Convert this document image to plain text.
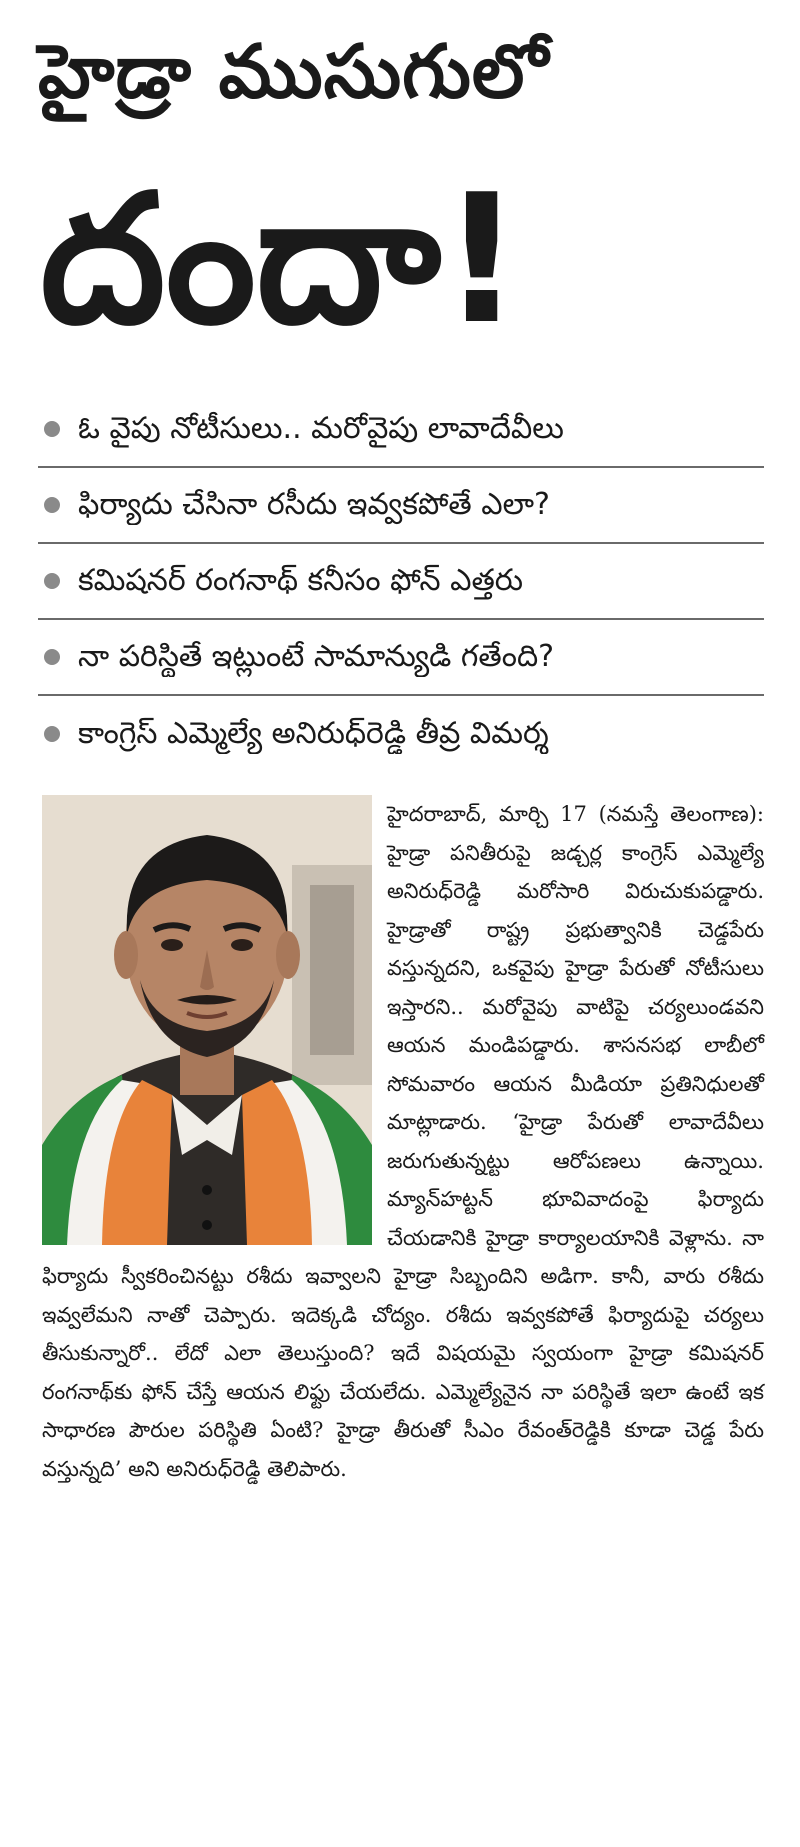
హైడ్రా ముసుగులో
దందా!
ఓ వైపు నోటీసులు.. మరోవైపు లావాదేవీలు
ఫిర్యాదు చేసినా రసీదు ఇవ్వకపోతే ఎలా?
కమిషనర్ రంగనాథ్ కనీసం ఫోన్ ఎత్తరు
నా పరిస్థితే ఇట్లుంటే సామాన్యుడి గతేంది?
కాంగ్రెస్ ఎమ్మెల్యే అనిరుధ్‌రెడ్డి తీవ్ర విమర్శ
హైదరాబాద్, మార్చి 17 (నమస్తే తెలంగాణ): హైడ్రా పనితీరుపై జడ్చర్ల కాంగ్రెస్ ఎమ్మెల్యే అనిరుధ్‌రెడ్డి మరోసారి విరుచుకుపడ్డారు. హైడ్రాతో రాష్ట్ర ప్రభుత్వానికి చెడ్డపేరు వస్తున్నదని, ఒకవైపు హైడ్రా పేరుతో నోటీసులు ఇస్తారని.. మరోవైపు వాటిపై చర్యలుండవని ఆయన మండిపడ్డారు. శాసనసభ లాబీలో సోమవారం ఆయన మీడియా ప్రతినిధులతో మాట్లాడారు. ‘హైడ్రా పేరుతో లావాదేవీలు జరుగుతున్నట్టు ఆరోపణలు ఉన్నాయి. మ్యాన్‌హట్టన్ భూవివాదంపై ఫిర్యాదు చేయడానికి హైడ్రా కార్యాలయానికి వెళ్లాను. నా ఫిర్యాదు స్వీకరించినట్టు రశీదు ఇవ్వాలని హైడ్రా సిబ్బందిని అడిగా. కానీ, వారు రశీదు ఇవ్వలేమని నాతో చెప్పారు. ఇదెక్కడి చోద్యం. రశీదు ఇవ్వకపోతే ఫిర్యాదుపై చర్యలు తీసుకున్నారో.. లేదో ఎలా తెలుస్తుంది? ఇదే విషయమై స్వయంగా హైడ్రా కమిషనర్ రంగనాథ్‌కు ఫోన్ చేస్తే ఆయన లిఫ్టు చేయలేదు. ఎమ్మెల్యేనైన నా పరిస్థితే ఇలా ఉంటే ఇక సాధారణ పౌరుల పరిస్థితి ఏంటి? హైడ్రా తీరుతో సీఎం రేవంత్‌రెడ్డికి కూడా చెడ్డ పేరు వస్తున్నది’ అని అనిరుధ్‌రెడ్డి తెలిపారు.
